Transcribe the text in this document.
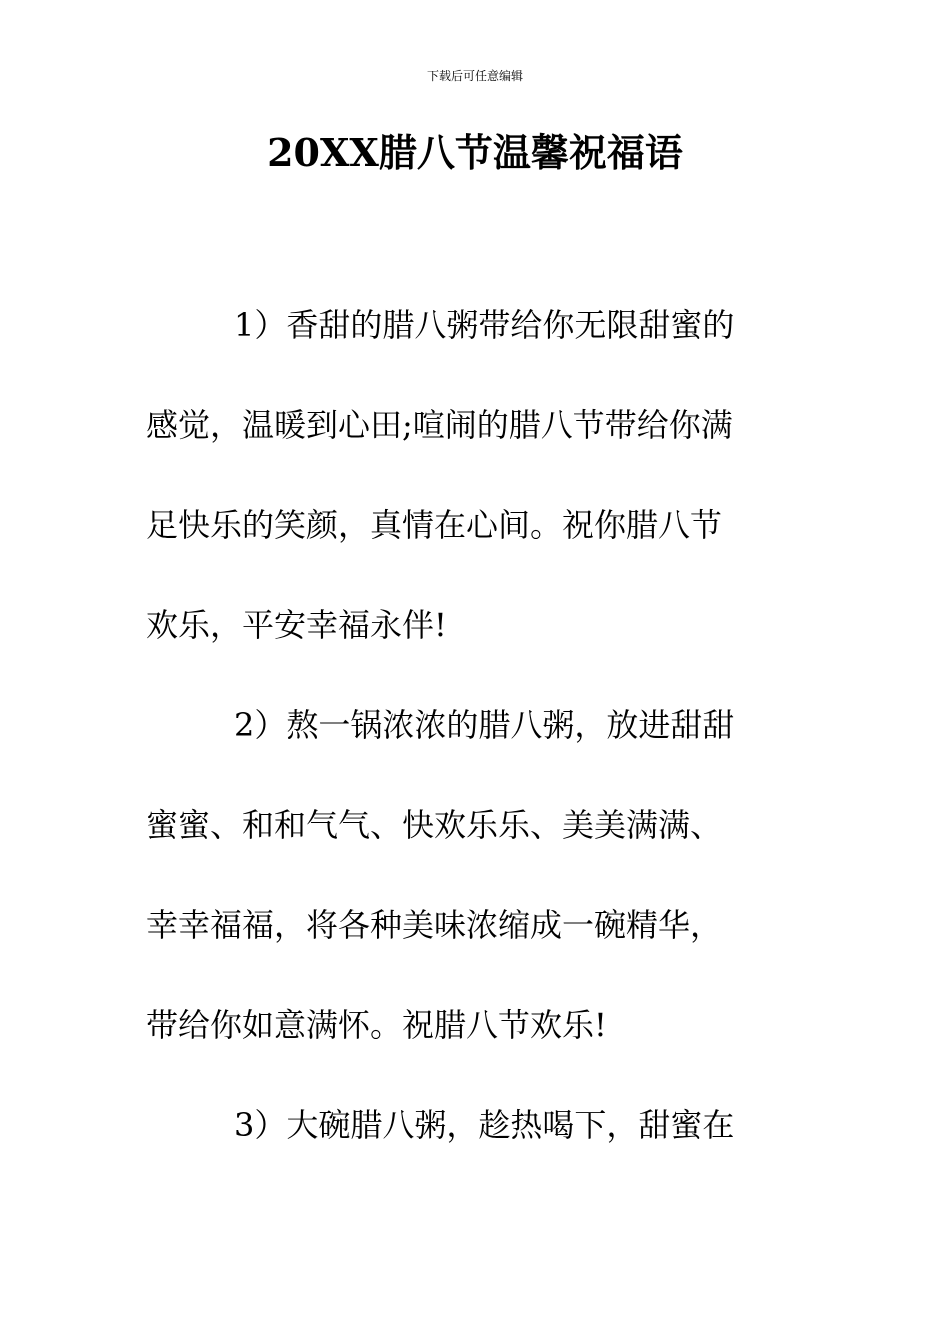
下载后可任意编辑
20XX腊八节温馨祝福语

1）香甜的腊八粥带给你无限甜蜜的
感觉，温暖到心田;喧闹的腊八节带给你满
足快乐的笑颜，真情在心间。祝你腊八节
欢乐，平安幸福永伴!

2）熬一锅浓浓的腊八粥，放进甜甜
蜜蜜、和和气气、快欢乐乐、美美满满、
幸幸福福，将各种美味浓缩成一碗精华，
带给你如意满怀。祝腊八节欢乐!

3）大碗腊八粥，趁热喝下，甜蜜在
